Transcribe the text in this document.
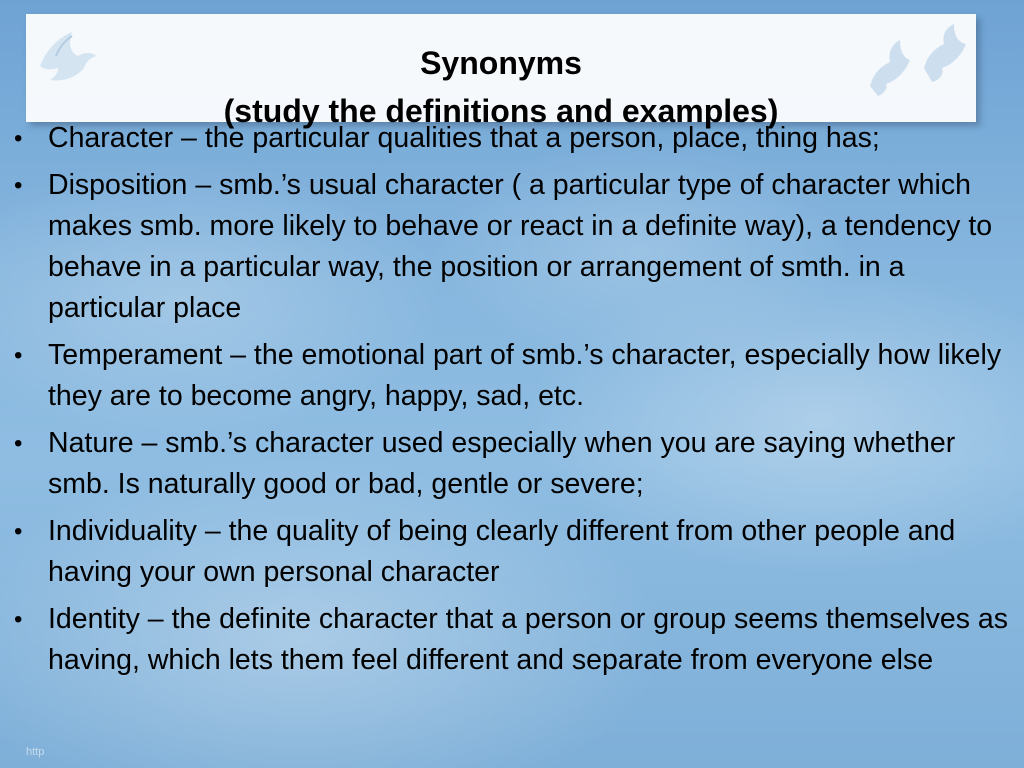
Synonyms
(study the definitions and examples)
• Character – the particular qualities that a person, place, thing has;
• Disposition – smb.’s usual character ( a particular type of character which makes smb. more likely to behave or react in a definite way), a tendency to behave in a particular way, the position or arrangement of smth. in a particular place
• Temperament – the emotional part of smb.’s character, especially how likely they are to become angry, happy, sad, etc.
• Nature – smb.’s character used especially when you are saying whether smb. Is naturally good or bad, gentle or severe;
• Individuality – the quality of being clearly different from other people and having your own personal character
• Identity – the definite character that a person or group seems themselves as having, which lets them feel different and separate from everyone else
http
